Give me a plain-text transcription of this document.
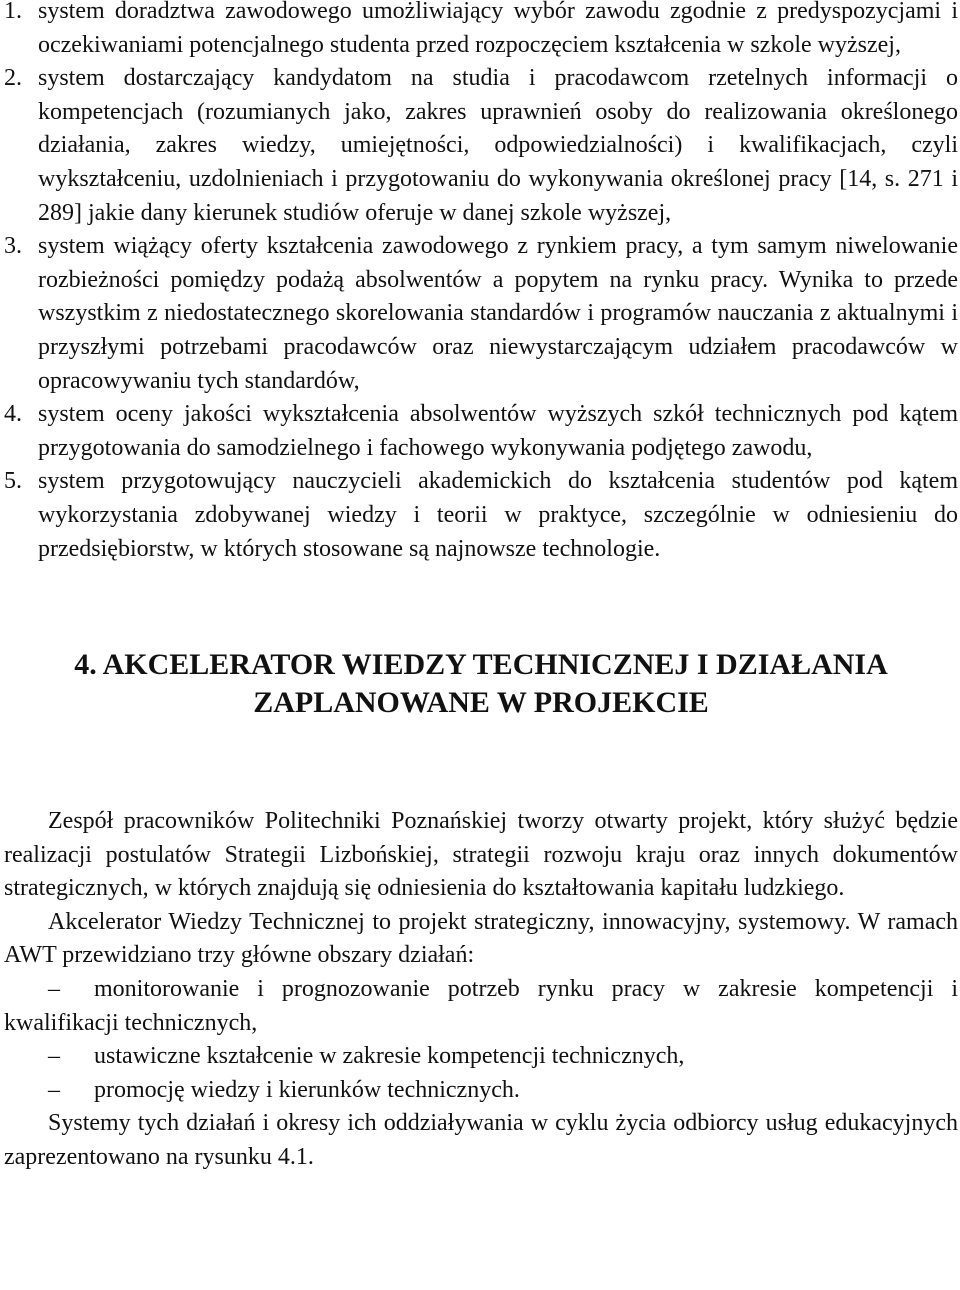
1. system doradztwa zawodowego umożliwiający wybór zawodu zgodnie z predyspozycjami i oczekiwaniami potencjalnego studenta przed rozpoczęciem kształcenia w szkole wyższej,
2. system dostarczający kandydatom na studia i pracodawcom rzetelnych informacji o kompetencjach (rozumianych jako, zakres uprawnień osoby do realizowania określonego działania, zakres wiedzy, umiejętności, odpowiedzialności) i kwalifikacjach, czyli wykształceniu, uzdolnieniach i przygotowaniu do wykonywania określonej pracy [14, s. 271 i 289] jakie dany kierunek studiów oferuje w danej szkole wyższej,
3. system wiążący oferty kształcenia zawodowego z rynkiem pracy, a tym samym niwelowanie rozbieżności pomiędzy podażą absolwentów a popytem na rynku pracy. Wynika to przede wszystkim z niedostatecznego skorelowania standardów i programów nauczania z aktualnymi i przyszłymi potrzebami pracodawców oraz niewystarczającym udziałem pracodawców w opracowywaniu tych standardów,
4. system oceny jakości wykształcenia absolwentów wyższych szkół technicznych pod kątem przygotowania do samodzielnego i fachowego wykonywania podjętego zawodu,
5. system przygotowujący nauczycieli akademickich do kształcenia studentów pod kątem wykorzystania zdobywanej wiedzy i teorii w praktyce, szczególnie w odniesieniu do przedsiębiorstw, w których stosowane są najnowsze technologie.
4. AKCELERATOR WIEDZY TECHNICZNEJ I DZIAŁANIA
ZAPLANOWANE W PROJEKCIE

Zespół pracowników Politechniki Poznańskiej tworzy otwarty projekt, który służyć będzie realizacji postulatów Strategii Lizbońskiej, strategii rozwoju kraju oraz innych dokumentów strategicznych, w których znajdują się odniesienia do kształtowania kapitału ludzkiego.

Akcelerator Wiedzy Technicznej to projekt strategiczny, innowacyjny, systemowy. W ramach AWT przewidziano trzy główne obszary działań:

– monitorowanie i prognozowanie potrzeb rynku pracy w zakresie kompetencji i kwalifikacji technicznych,
– ustawiczne kształcenie w zakresie kompetencji technicznych,
– promocję wiedzy i kierunków technicznych.

Systemy tych działań i okresy ich oddziaływania w cyklu życia odbiorcy usług edukacyjnych zaprezentowano na rysunku 4.1.
